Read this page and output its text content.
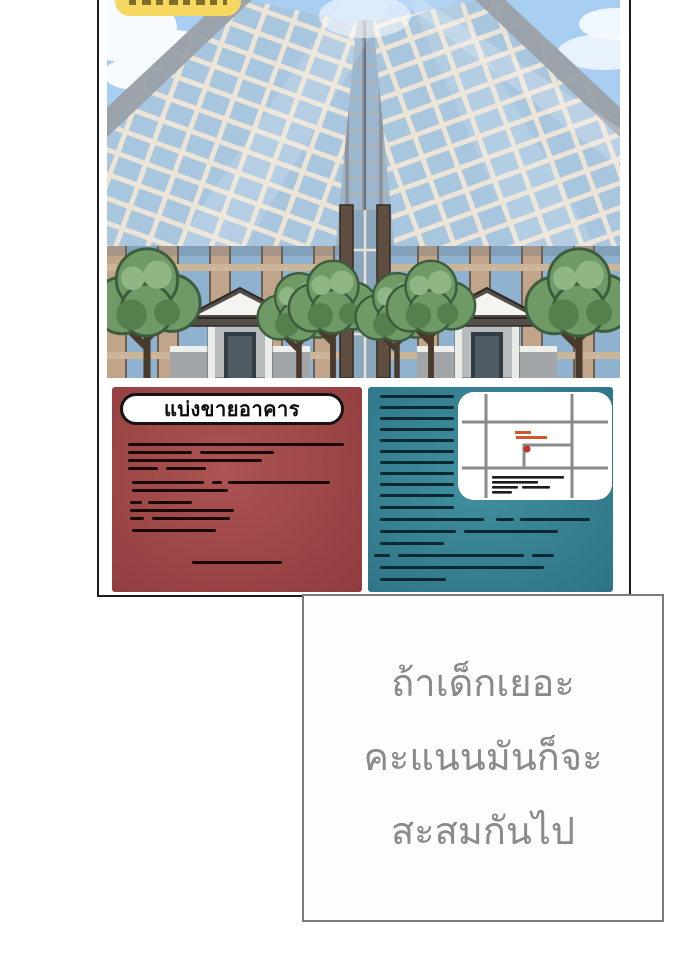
แบ่งขายอาคาร
ถ้าเด็กเยอะ
คะแนนมันก็จะ
สะสมกันไป
